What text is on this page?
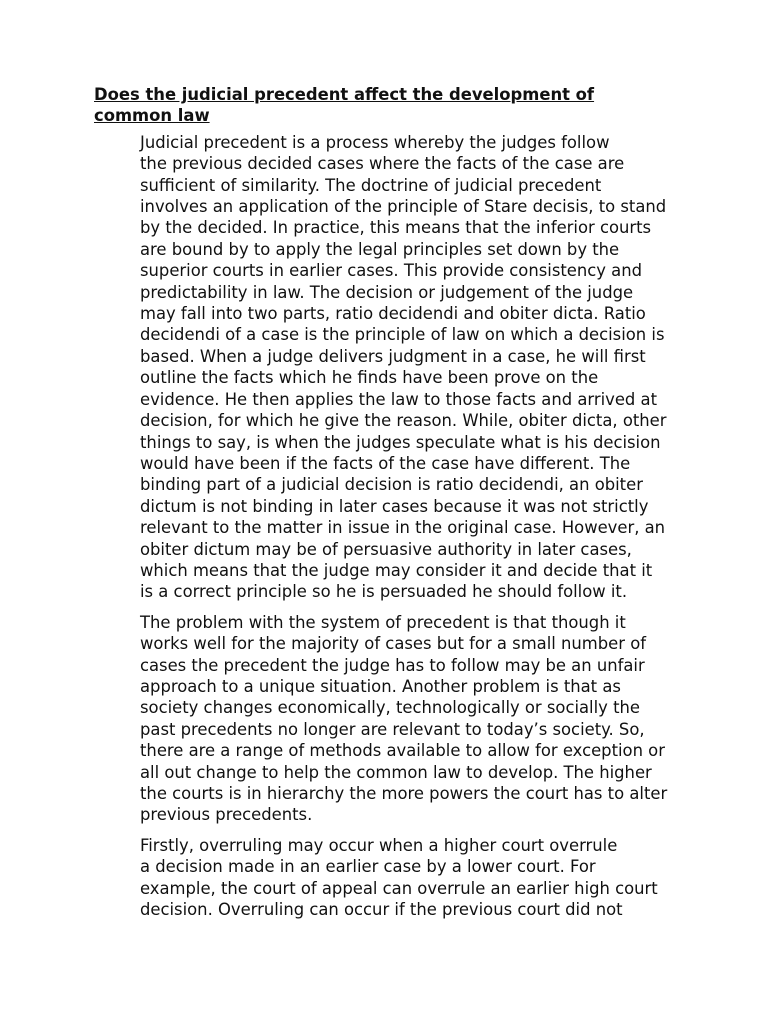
Does the judicial precedent affect the development of
common law
Judicial precedent is a process whereby the judges follow
the previous decided cases where the facts of the case are
sufficient of similarity. The doctrine of judicial precedent
involves an application of the principle of Stare decisis, to stand
by the decided. In practice, this means that the inferior courts
are bound by to apply the legal principles set down by the
superior courts in earlier cases. This provide consistency and
predictability in law. The decision or judgement of the judge
may fall into two parts, ratio decidendi and obiter dicta. Ratio
decidendi of a case is the principle of law on which a decision is
based. When a judge delivers judgment in a case, he will first
outline the facts which he finds have been prove on the
evidence. He then applies the law to those facts and arrived at
decision, for which he give the reason. While, obiter dicta, other
things to say, is when the judges speculate what is his decision
would have been if the facts of the case have different. The
binding part of a judicial decision is ratio decidendi, an obiter
dictum is not binding in later cases because it was not strictly
relevant to the matter in issue in the original case. However, an
obiter dictum may be of persuasive authority in later cases,
which means that the judge may consider it and decide that it
is a correct principle so he is persuaded he should follow it.
The problem with the system of precedent is that though it
works well for the majority of cases but for a small number of
cases the precedent the judge has to follow may be an unfair
approach to a unique situation. Another problem is that as
society changes economically, technologically or socially the
past precedents no longer are relevant to today’s society. So,
there are a range of methods available to allow for exception or
all out change to help the common law to develop. The higher
the courts is in hierarchy the more powers the court has to alter
previous precedents.
Firstly, overruling may occur when a higher court overrule
a decision made in an earlier case by a lower court. For
example, the court of appeal can overrule an earlier high court
decision. Overruling can occur if the previous court did not
